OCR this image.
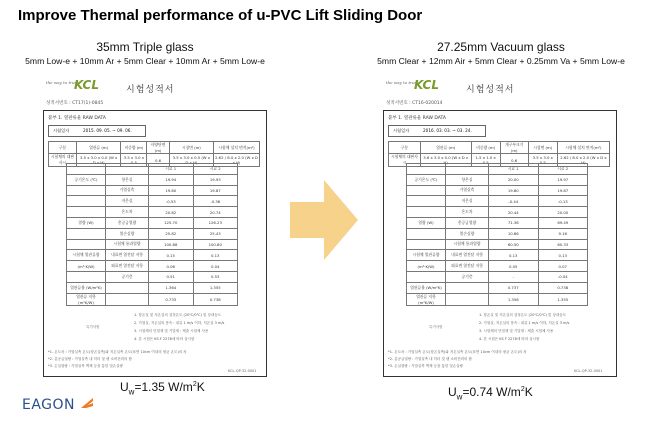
Improve Thermal performance of u-PVC Lift Sliding Door
35mm Triple glass
5mm Low-e + 10mm Ar + 5mm Clear + 10mm Ar + 5mm Low-e
27.25mm Vacuum glass
5mm Clear + 12mm Air + 5mm Clear + 0.25mm Va + 5mm Low-e
the way to trust
KCL	시험성적서
성적서번호 : CT17(1)-0845
붙부 1. 열관류율 RAW DATA
시험일자	2015. 09. 05. ~ 09. 06.
구분	열관류 (m)	비중량 (m)	사양단면 (m)	시창면 (m)	시험체 설치 면적(m²)
시험체의 대판사시	3.5 x 3.0 x 0.0 (W x D x H)	3.5 x 3.0 x 0.5	0.6	3.5 x 3.0 x 0.5 (W x D x H)	2.62 / 8.0 x 2.0 (W x D x H)
		시료 1	시료 2
공기온도 (℃)	항온실	19.94	19.93
	가열실측	19.80	19.87
	저온실	-0.53	-0.36
	온도차	20.82	20.74
열량 (W)	총공급열량	125.70	126.23
	열손실량	25.82	25.43
	시험체 통과열량	100.88	100.80
시험체 열관류량	내표면 열전달 저항	0.15	0.13
(m²·K/W)	외표면 열전달 저항	0.06	0.04
	공기층	0.51	0.53
열관류율 (W/m²K)		1.364	1.355
열관류 저항 (m²K/W)		0.733	0.738
1. 항온실 및 저온실의 설정온도 (20℃/0℃) 및 상대습도
2. 가열실, 저온실의 풍속 : 대류 1 m/s 이하, 저온실 3 m/s
3. 시험체의 단열재 및 기밀재 : 제출 시험체 사용
4. 본 시험은 KS F 2278에 따라 실시함
특기사항
*1. 온도차 : 가열실측 온도(항온실측)와 저온실측 온도(표면 10cm 이내의 평균 온도)의 차
*2. 총공급열량 : 가열실측 내 히터 및 팬 소비전력의 합
*3. 손실열량 : 가열실측 벽체 등을 통한 열손실량
KCL-QP-32-0001
the way to trust
KCL	시험성적서
성적서번호 : CT16-020014
붙부 1. 열관류율 RAW DATA
시험일자	2016. 03. 03. ~ 03. 24.
구분	열관류 (m)	비중량 (m)	개구부크기 (m)	시창면 (m)	시험체 설치 면적(m²)
시험체의 대판사시	3.6 x 3.0 x 0.0 (W x D x H)	1.5 x 1.0 x 0.5	0.6	3.5 x 3.0 x 0.5	2.62 / 8.0 x 2.0 (W x D x H)
		시료 1	시료 2
공기온도 (℃)	항온실	20.00	19.97
	가열실측	19.80	19.87
	저온실	-0.44	-0.13
	온도차	20.44	20.00
열량 (W)	총공급열량	71.36	69.49
	열손실량	10.86	9.16
	시험체 통과열량	60.50	60.33
시험체 열관류량	내표면 열전달 저항	0.13	0.13
(m²·K/W)	외표면 열전달 저항	0.05	0.07
	공기층	-	-0.04
열관류율 (W/m²K)		0.737	0.738
열관류 저항 (m²K/W)		1.356	1.355
1. 항온실 및 저온실의 설정온도 (20℃/0℃) 및 상대습도
2. 가열실, 저온실의 풍속 : 대류 1 m/s 이하, 저온실 3 m/s
3. 시험체의 단열재 및 기밀재 : 제출 시험체 사용
4. 본 시험은 KS F 2278에 따라 실시함
특기사항
*1. 온도차 : 가열실측 온도(항온실측)와 저온실측 온도(표면 10cm 이내의 평균 온도)의 차
*2. 총공급열량 : 가열실측 내 히터 및 팬 소비전력의 합
*3. 손실열량 : 가열실측 벽체 등을 통한 열손실량
KCL-QP-32-0001
$U_w=1.35$ $W/m^2K$	$U_w=0.74$ $W/m^2K$
EAGON
